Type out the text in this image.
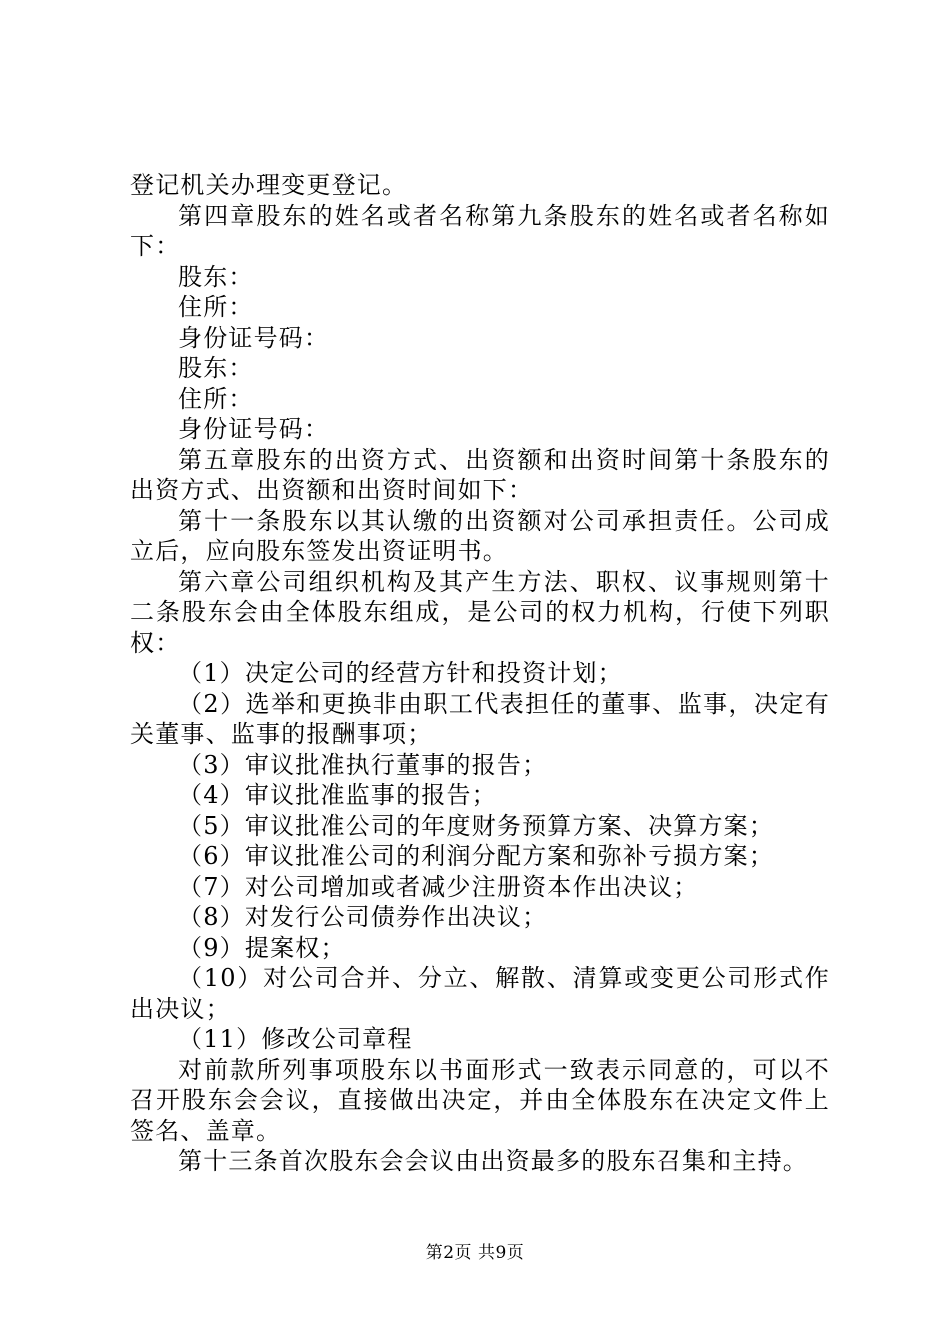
登记机关办理变更登记。

第四章股东的姓名或者名称第九条股东的姓名或者名称如下：

股东：

住所：

身份证号码：

股东：

住所：

身份证号码：

第五章股东的出资方式、出资额和出资时间第十条股东的出资方式、出资额和出资时间如下：

第十一条股东以其认缴的出资额对公司承担责任。公司成立后，应向股东签发出资证明书。

第六章公司组织机构及其产生方法、职权、议事规则第十二条股东会由全体股东组成，是公司的权力机构，行使下列职权：

（1）决定公司的经营方针和投资计划；

（2）选举和更换非由职工代表担任的董事、监事，决定有关董事、监事的报酬事项；

（3）审议批准执行董事的报告；

（4）审议批准监事的报告；

（5）审议批准公司的年度财务预算方案、决算方案；

（6）审议批准公司的利润分配方案和弥补亏损方案；

（7）对公司增加或者减少注册资本作出决议；

（8）对发行公司债券作出决议；

（9）提案权；

（10）对公司合并、分立、解散、清算或变更公司形式作出决议；

（11）修改公司章程

对前款所列事项股东以书面形式一致表示同意的，可以不召开股东会会议，直接做出决定，并由全体股东在决定文件上签名、盖章。

第十三条首次股东会会议由出资最多的股东召集和主持。

第2页 共9页
